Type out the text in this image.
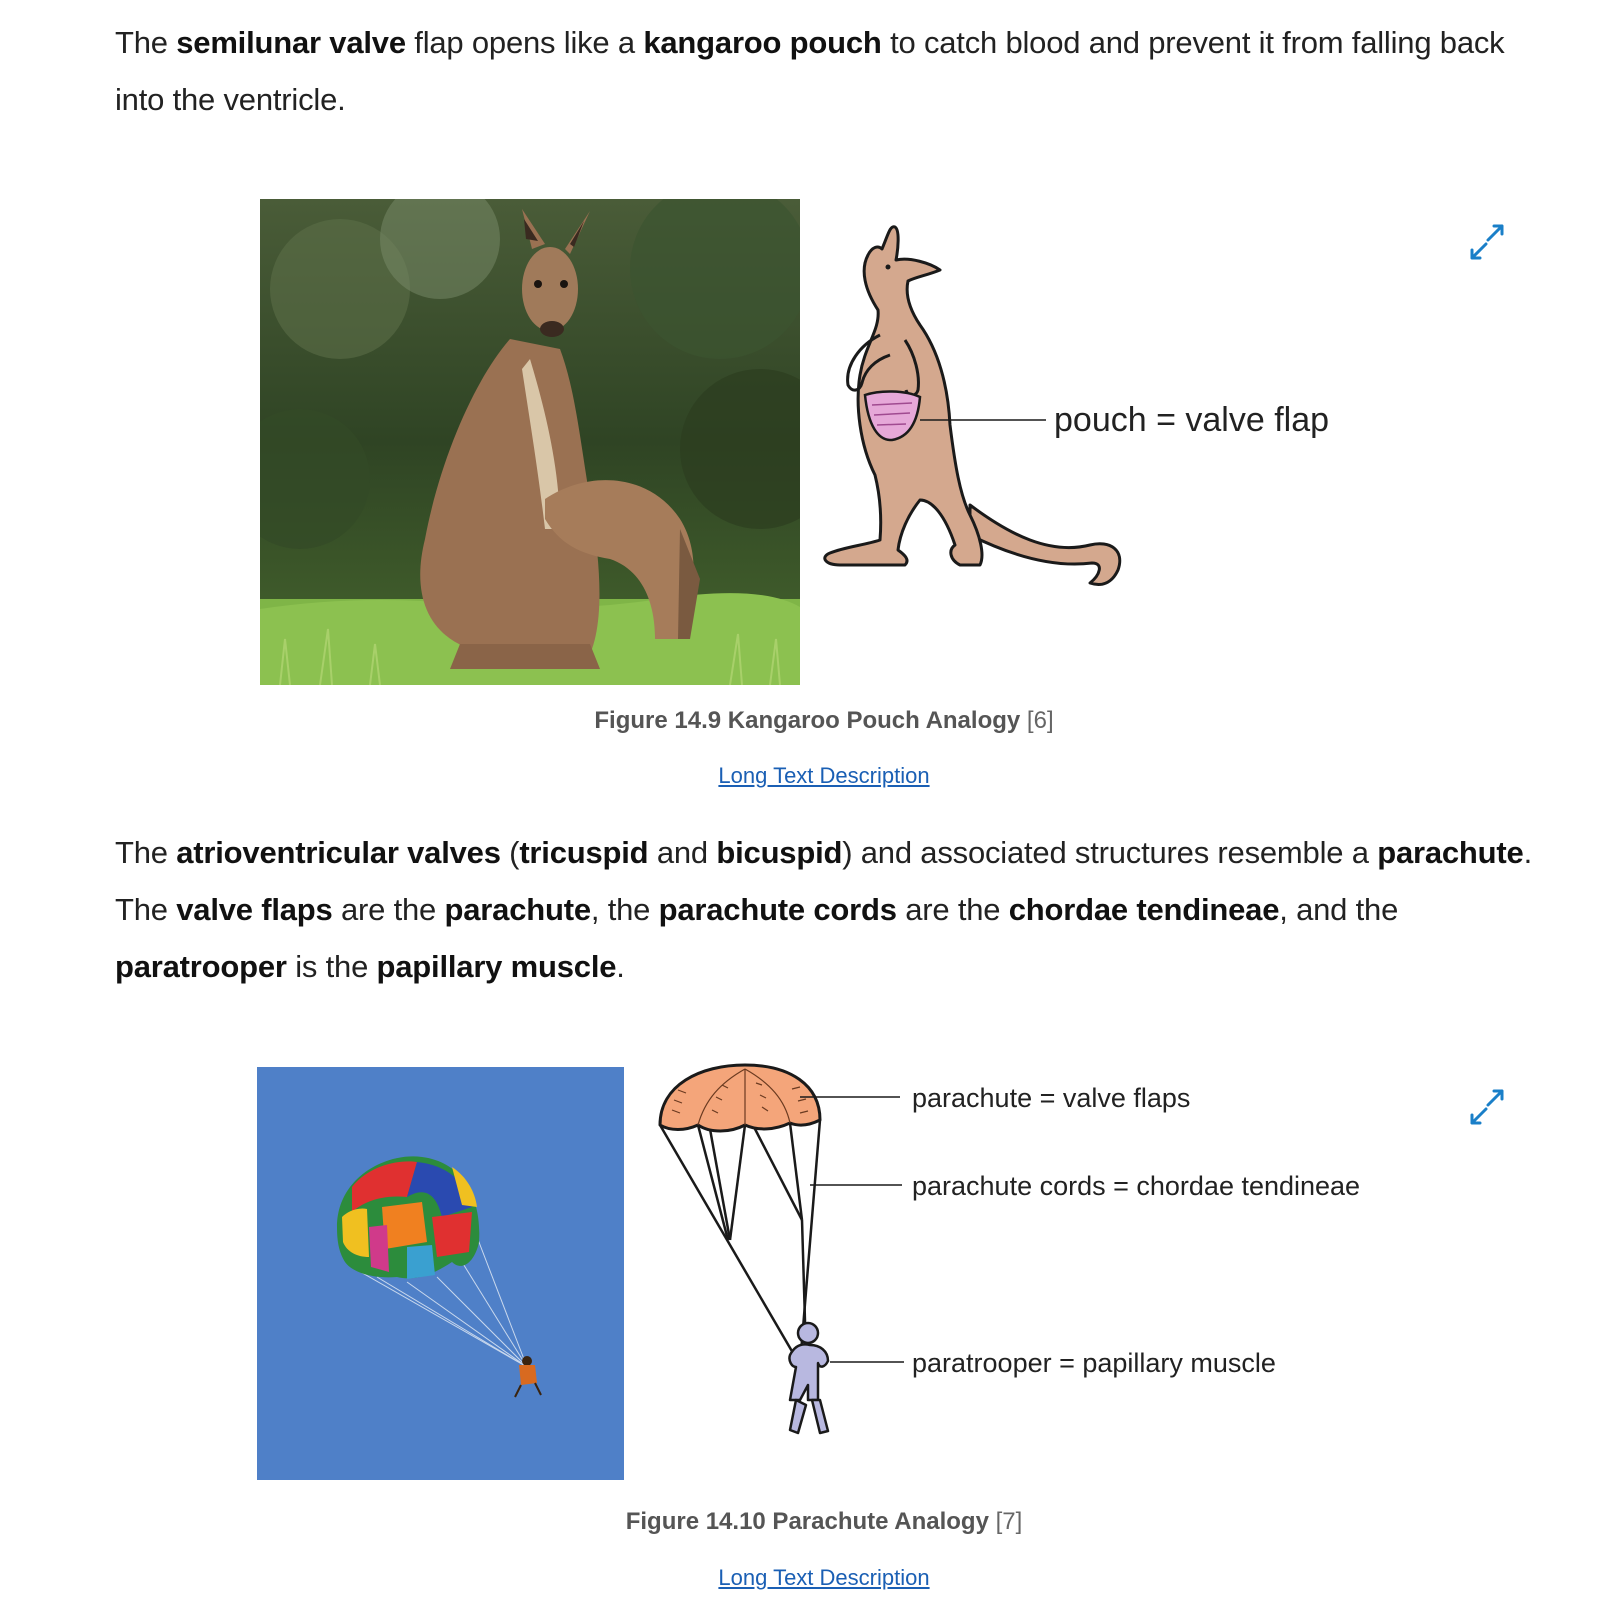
The semilunar valve flap opens like a kangaroo pouch to catch blood and prevent it from falling back into the ventricle.

pouch = valve flap
Figure 14.9 Kangaroo Pouch Analogy [6]
Long Text Description

The atrioventricular valves (tricuspid and bicuspid) and associated structures resemble a parachute. The valve flaps are the parachute, the parachute cords are the chordae tendineae, and the paratrooper is the papillary muscle.

parachute = valve flaps
parachute cords = chordae tendineae
paratrooper = papillary muscle
Figure 14.10 Parachute Analogy [7]
Long Text Description
